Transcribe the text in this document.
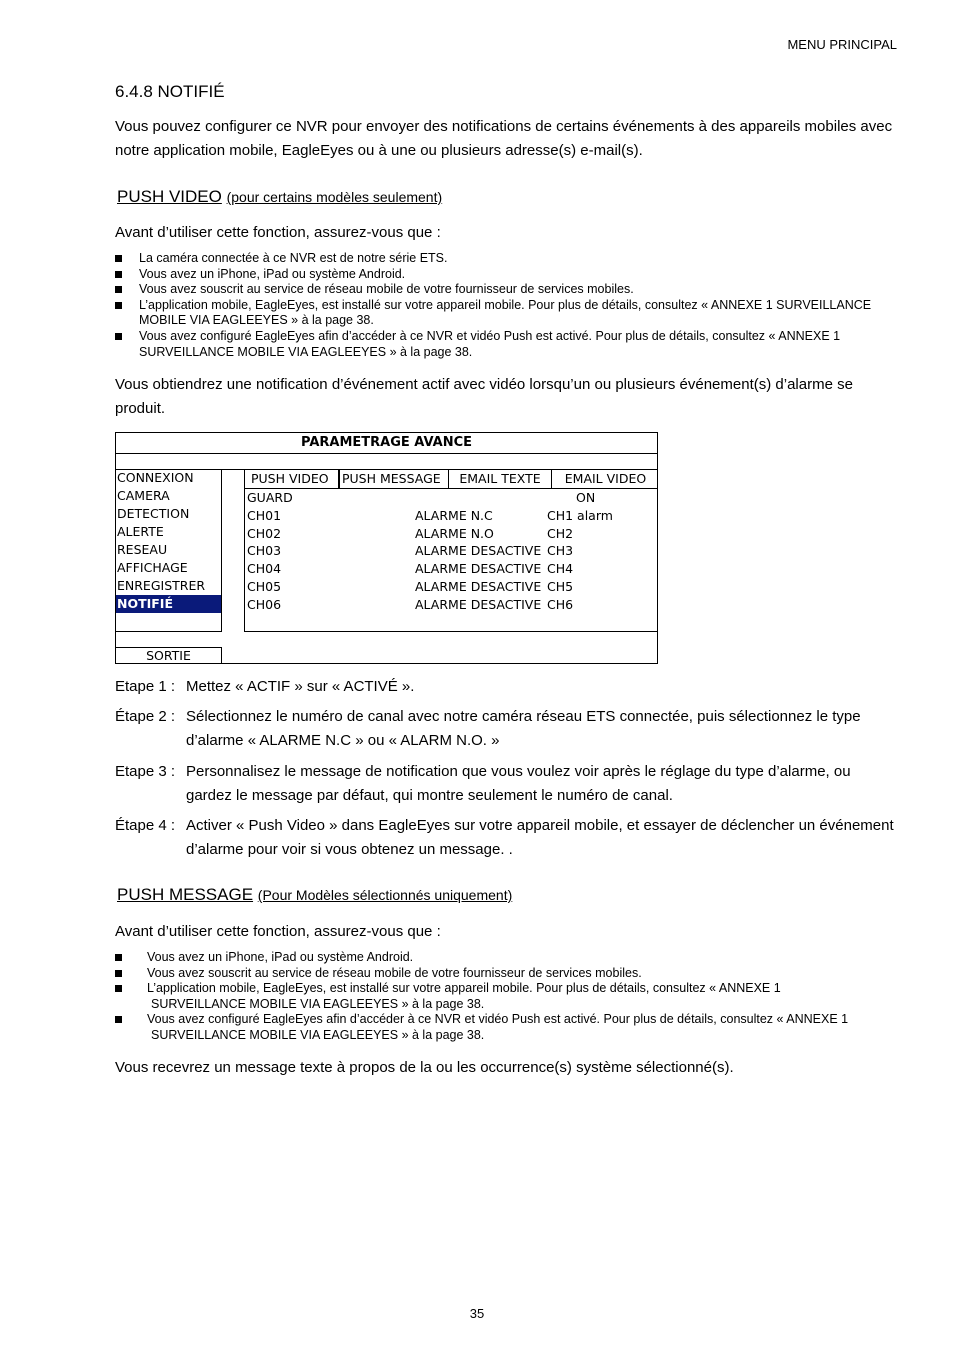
MENU PRINCIPAL
6.4.8 NOTIFIÉ
Vous pouvez configurer ce NVR pour envoyer des notifications de certains événements à des appareils mobiles avec notre application mobile, EagleEyes ou à une ou plusieurs adresse(s) e-mail(s).
PUSH VIDEO (pour certains modèles seulement)
Avant d’utiliser cette fonction, assurez-vous que :
La caméra connectée à ce NVR est de notre série ETS.
Vous avez un iPhone, iPad ou système Android.
Vous avez souscrit au service de réseau mobile de votre fournisseur de services mobiles.
L’application mobile, EagleEyes, est installé sur votre appareil mobile. Pour plus de détails, consultez « ANNEXE 1 SURVEILLANCE MOBILE VIA EAGLEEYES » à la page 38.
Vous avez configuré EagleEyes afin d’accéder à ce NVR et vidéo Push est activé. Pour plus de détails, consultez « ANNEXE 1 SURVEILLANCE MOBILE VIA EAGLEEYES » à la page 38.
Vous obtiendrez une notification d’événement actif avec vidéo lorsqu’un ou plusieurs événement(s) d’alarme se produit.
PARAMETRAGE AVANCE
CONNEXION
CAMERA
DETECTION
ALERTE
RESEAU
AFFICHAGE
ENREGISTRER
NOTIFIÉ
PUSH VIDEO	PUSH MESSAGE	EMAIL TEXTE	EMAIL VIDEO
GUARD	ON
CH01	ALARME N.C	CH1 alarm
CH02	ALARME N.O	CH2
CH03	ALARME DESACTIVE CH3
CH04	ALARME DESACTIVE CH4
CH05	ALARME DESACTIVE CH5
CH06	ALARME DESACTIVE CH6
SORTIE
Etape 1 : Mettez « ACTIF » sur « ACTIVÉ ».
Étape 2 : Sélectionnez le numéro de canal avec notre caméra réseau ETS connectée, puis sélectionnez le type d’alarme « ALARME N.C » ou « ALARM N.O. »
Etape 3 : Personnalisez le message de notification que vous voulez voir après le réglage du type d’alarme, ou gardez le message par défaut, qui montre seulement le numéro de canal.
Étape 4 : Activer « Push Video » dans EagleEyes sur votre appareil mobile, et essayer de déclencher un événement d’alarme pour voir si vous obtenez un message. .
PUSH MESSAGE (Pour Modèles sélectionnés uniquement)
Avant d’utiliser cette fonction, assurez-vous que :
Vous avez un iPhone, iPad ou système Android.
Vous avez souscrit au service de réseau mobile de votre fournisseur de services mobiles.
L’application mobile, EagleEyes, est installé sur votre appareil mobile. Pour plus de détails, consultez « ANNEXE 1
SURVEILLANCE MOBILE VIA EAGLEEYES » à la page 38.
Vous avez configuré EagleEyes afin d’accéder à ce NVR et vidéo Push est activé. Pour plus de détails, consultez « ANNEXE 1
SURVEILLANCE MOBILE VIA EAGLEEYES » à la page 38.
Vous recevrez un message texte à propos de la ou les occurrence(s) système sélectionné(s).
35
